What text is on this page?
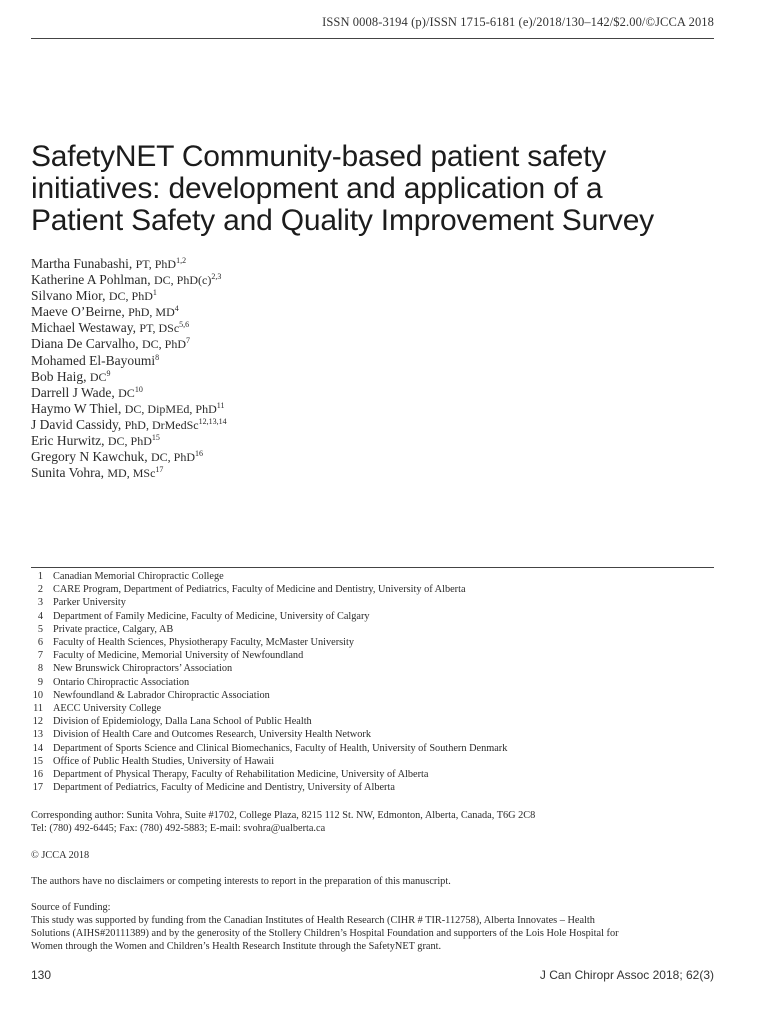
ISSN 0008-3194 (p)/ISSN 1715-6181 (e)/2018/130–142/$2.00/©JCCA 2018
SafetyNET Community-based patient safety
initiatives: development and application of a
Patient Safety and Quality Improvement Survey
Martha Funabashi, PT, PhD$^{1,2}$
Katherine A Pohlman, DC, $PhD(c)^{2,3}$
Silvano Mior, DC, PhD$^1$
Maeve O’Beirne, PhD, $MD^4$
Michael Westaway, PT, DSc$^{5,6}$
Diana De Carvalho, DC, PhD$^7$
Mohamed El-Bayoumi$^8$
Bob Haig, $DC^9$
Darrell J Wade, DC$^{10}$
Haymo W Thiel, DC, DipMEd, PhD$^{11}$
J David Cassidy, PhD, DrMedSc$^{12,13,14}$
Eric Hurwitz, DC, PhD$^{15}$
Gregory N Kawchuk, DC, PhD$^{16}$
Sunita Vohra, MD, MSc$^{17}$
1 Canadian Memorial Chiropractic College
2 CARE Program, Department of Pediatrics, Faculty of Medicine and Dentistry, University of Alberta
3 Parker University
4 Department of Family Medicine, Faculty of Medicine, University of Calgary
5 Private practice, Calgary, AB
6 Faculty of Health Sciences, Physiotherapy Faculty, McMaster University
7 Faculty of Medicine, Memorial University of Newfoundland
8 New Brunswick Chiropractors’ Association
9 Ontario Chiropractic Association
10 Newfoundland & Labrador Chiropractic Association
11 AECC University College
12 Division of Epidemiology, Dalla Lana School of Public Health
13 Division of Health Care and Outcomes Research, University Health Network
14 Department of Sports Science and Clinical Biomechanics, Faculty of Health, University of Southern Denmark
15 Office of Public Health Studies, University of Hawaii
16 Department of Physical Therapy, Faculty of Rehabilitation Medicine, University of Alberta
17 Department of Pediatrics, Faculty of Medicine and Dentistry, University of Alberta
Corresponding author: Sunita Vohra, Suite #1702, College Plaza, 8215 112 St. NW, Edmonton, Alberta, Canada, T6G 2C8
Tel: (780) 492-6445; Fax: (780) 492-5883; E-mail: svohra@ualberta.ca
© JCCA 2018
The authors have no disclaimers or competing interests to report in the preparation of this manuscript.
Source of Funding:
This study was supported by funding from the Canadian Institutes of Health Research (CIHR # TIR-112758), Alberta Innovates – Health
Solutions (AIHS#20111389) and by the generosity of the Stollery Children’s Hospital Foundation and supporters of the Lois Hole Hospital for
Women through the Women and Children’s Health Research Institute through the SafetyNET grant.
130	J Can Chiropr Assoc 2018; 62(3)
